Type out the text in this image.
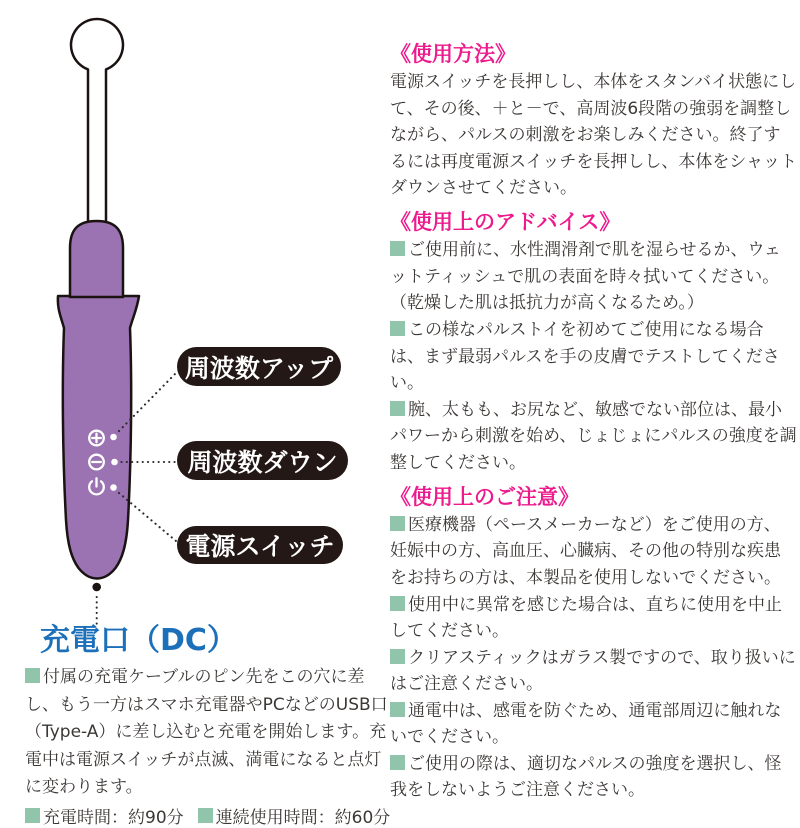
周波数アップ
周波数ダウン
電源スイッチ
充電口（DC）

付属の充電ケーブルのピン先をこの穴に差し、もう一方はスマホ充電器やPCなどのUSB口（Type-A）に差し込むと充電を開始します。充電中は電源スイッチが点滅、満電になると点灯に変わります。

充電時間：約90分 連続使用時間：約60分
《使用方法》

電源スイッチを長押しし、本体をスタンバイ状態にして、その後、＋と－で、高周波6段階の強弱を調整しながら、パルスの刺激をお楽しみください。終了するには再度電源スイッチを長押しし、本体をシャットダウンさせてください。

《使用上のアドバイス》

ご使用前に、水性潤滑剤で肌を湿らせるか、ウェットティッシュで肌の表面を時々拭いてください。（乾燥した肌は抵抗力が高くなるため。）

この様なパルストイを初めてご使用になる場合は、まず最弱パルスを手の皮膚でテストしてください。

腕、太もも、お尻など、敏感でない部位は、最小パワーから刺激を始め、じょじょにパルスの強度を調整してください。

《使用上のご注意》

医療機器（ペースメーカーなど）をご使用の方、妊娠中の方、高血圧、心臓病、その他の特別な疾患をお持ちの方は、本製品を使用しないでください。

使用中に異常を感じた場合は、直ちに使用を中止してください。

クリアスティックはガラス製ですので、取り扱いにはご注意ください。

通電中は、感電を防ぐため、通電部周辺に触れないでください。

ご使用の際は、適切なパルスの強度を選択し、怪我をしないようご注意ください。
